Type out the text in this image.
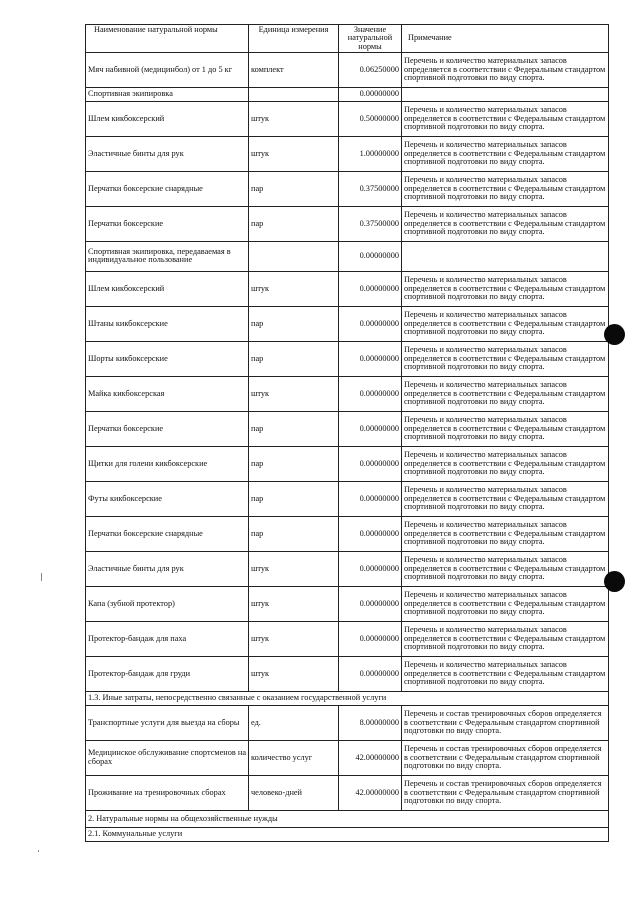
Наименование натуральной нормы	Единица измерения	Значение натуральной нормы	Примечание
Мяч набивной (медицинбол) от 1 до 5 кг	комплект	0.06250000	Перечень и количество материальных запасов определяется в соответствии с Федеральным стандартом спортивной подготовки по виду спорта.
Спортивная экипировка		0.00000000	
Шлем кикбоксерский	штук	0.50000000	Перечень и количество материальных запасов определяется в соответствии с Федеральным стандартом спортивной подготовки по виду спорта.
Эластичные бинты для рук	штук	1.00000000	Перечень и количество материальных запасов определяется в соответствии с Федеральным стандартом спортивной подготовки по виду спорта.
Перчатки боксерские снарядные	пар	0.37500000	Перечень и количество материальных запасов определяется в соответствии с Федеральным стандартом спортивной подготовки по виду спорта.
Перчатки боксерские	пар	0.37500000	Перечень и количество материальных запасов определяется в соответствии с Федеральным стандартом спортивной подготовки по виду спорта.
Спортивная экипировка, передаваемая в индивидуальное пользование		0.00000000	
Шлем кикбоксерский	штук	0.00000000	Перечень и количество материальных запасов определяется в соответствии с Федеральным стандартом спортивной подготовки по виду спорта.
Штаны кикбоксерские	пар	0.00000000	Перечень и количество материальных запасов определяется в соответствии с Федеральным стандартом спортивной подготовки по виду спорта.
Шорты кикбоксерские	пар	0.00000000	Перечень и количество материальных запасов определяется в соответствии с Федеральным стандартом спортивной подготовки по виду спорта.
Майка кикбоксерская	штук	0.00000000	Перечень и количество материальных запасов определяется в соответствии с Федеральным стандартом спортивной подготовки по виду спорта.
Перчатки боксерские	пар	0.00000000	Перечень и количество материальных запасов определяется в соответствии с Федеральным стандартом спортивной подготовки по виду спорта.
Щитки для голени кикбоксерские	пар	0.00000000	Перечень и количество материальных запасов определяется в соответствии с Федеральным стандартом спортивной подготовки по виду спорта.
Футы кикбоксерские	пар	0.00000000	Перечень и количество материальных запасов определяется в соответствии с Федеральным стандартом спортивной подготовки по виду спорта.
Перчатки боксерские снарядные	пар	0.00000000	Перечень и количество материальных запасов определяется в соответствии с Федеральным стандартом спортивной подготовки по виду спорта.
Эластичные бинты для рук	штук	0.00000000	Перечень и количество материальных запасов определяется в соответствии с Федеральным стандартом спортивной подготовки по виду спорта.
Капа (зубной протектор)	штук	0.00000000	Перечень и количество материальных запасов определяется в соответствии с Федеральным стандартом спортивной подготовки по виду спорта.
Протектор-бандаж для паха	штук	0.00000000	Перечень и количество материальных запасов определяется в соответствии с Федеральным стандартом спортивной подготовки по виду спорта.
Протектор-бандаж для груди	штук	0.00000000	Перечень и количество материальных запасов определяется в соответствии с Федеральным стандартом спортивной подготовки по виду спорта.
1.3. Иные затраты, непосредственно связанные с оказанием государственной услуги			
Транспортные услуги для выезда на сборы	ед.	8.00000000	Перечень и состав тренировочных сборов определяется в соответствии с Федеральным стандартом спортивной подготовки по виду спорта.
Медицинское обслуживание спортсменов на сборах	количество услуг	42.00000000	Перечень и состав тренировочных сборов определяется в соответствии с Федеральным стандартом спортивной подготовки по виду спорта.
Проживание на тренировочных сборах	человеко-дней	42.00000000	Перечень и состав тренировочных сборов определяется в соответствии с Федеральным стандартом спортивной подготовки по виду спорта.
2. Натуральные нормы на общехозяйственные нужды			
2.1. Коммунальные услуги			
